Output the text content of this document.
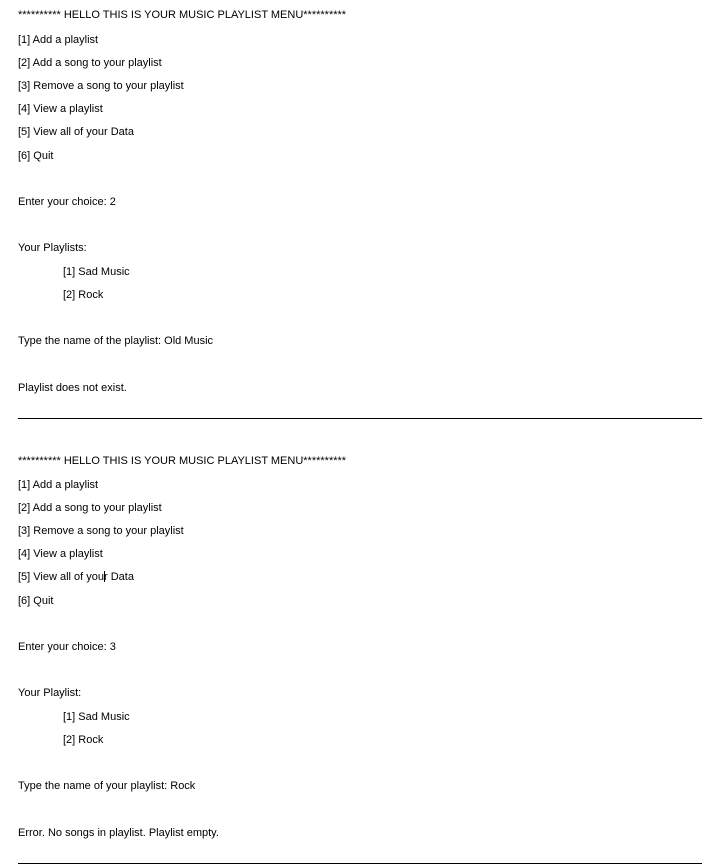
********** HELLO THIS IS YOUR MUSIC PLAYLIST MENU**********
[1] Add a playlist
[2] Add a song to your playlist
[3] Remove a song to your playlist
[4] View a playlist
[5] View all of your Data
[6] Quit
Enter your choice: 2
Your Playlists:
[1] Sad Music
[2] Rock
Type the name of the playlist: Old Music
Playlist does not exist.
********** HELLO THIS IS YOUR MUSIC PLAYLIST MENU**********
[1] Add a playlist
[2] Add a song to your playlist
[3] Remove a song to your playlist
[4] View a playlist
[5] View all of your Data
[6] Quit
Enter your choice: 3
Your Playlist:
[1] Sad Music
[2] Rock
Type the name of your playlist: Rock
Error. No songs in playlist. Playlist empty.
